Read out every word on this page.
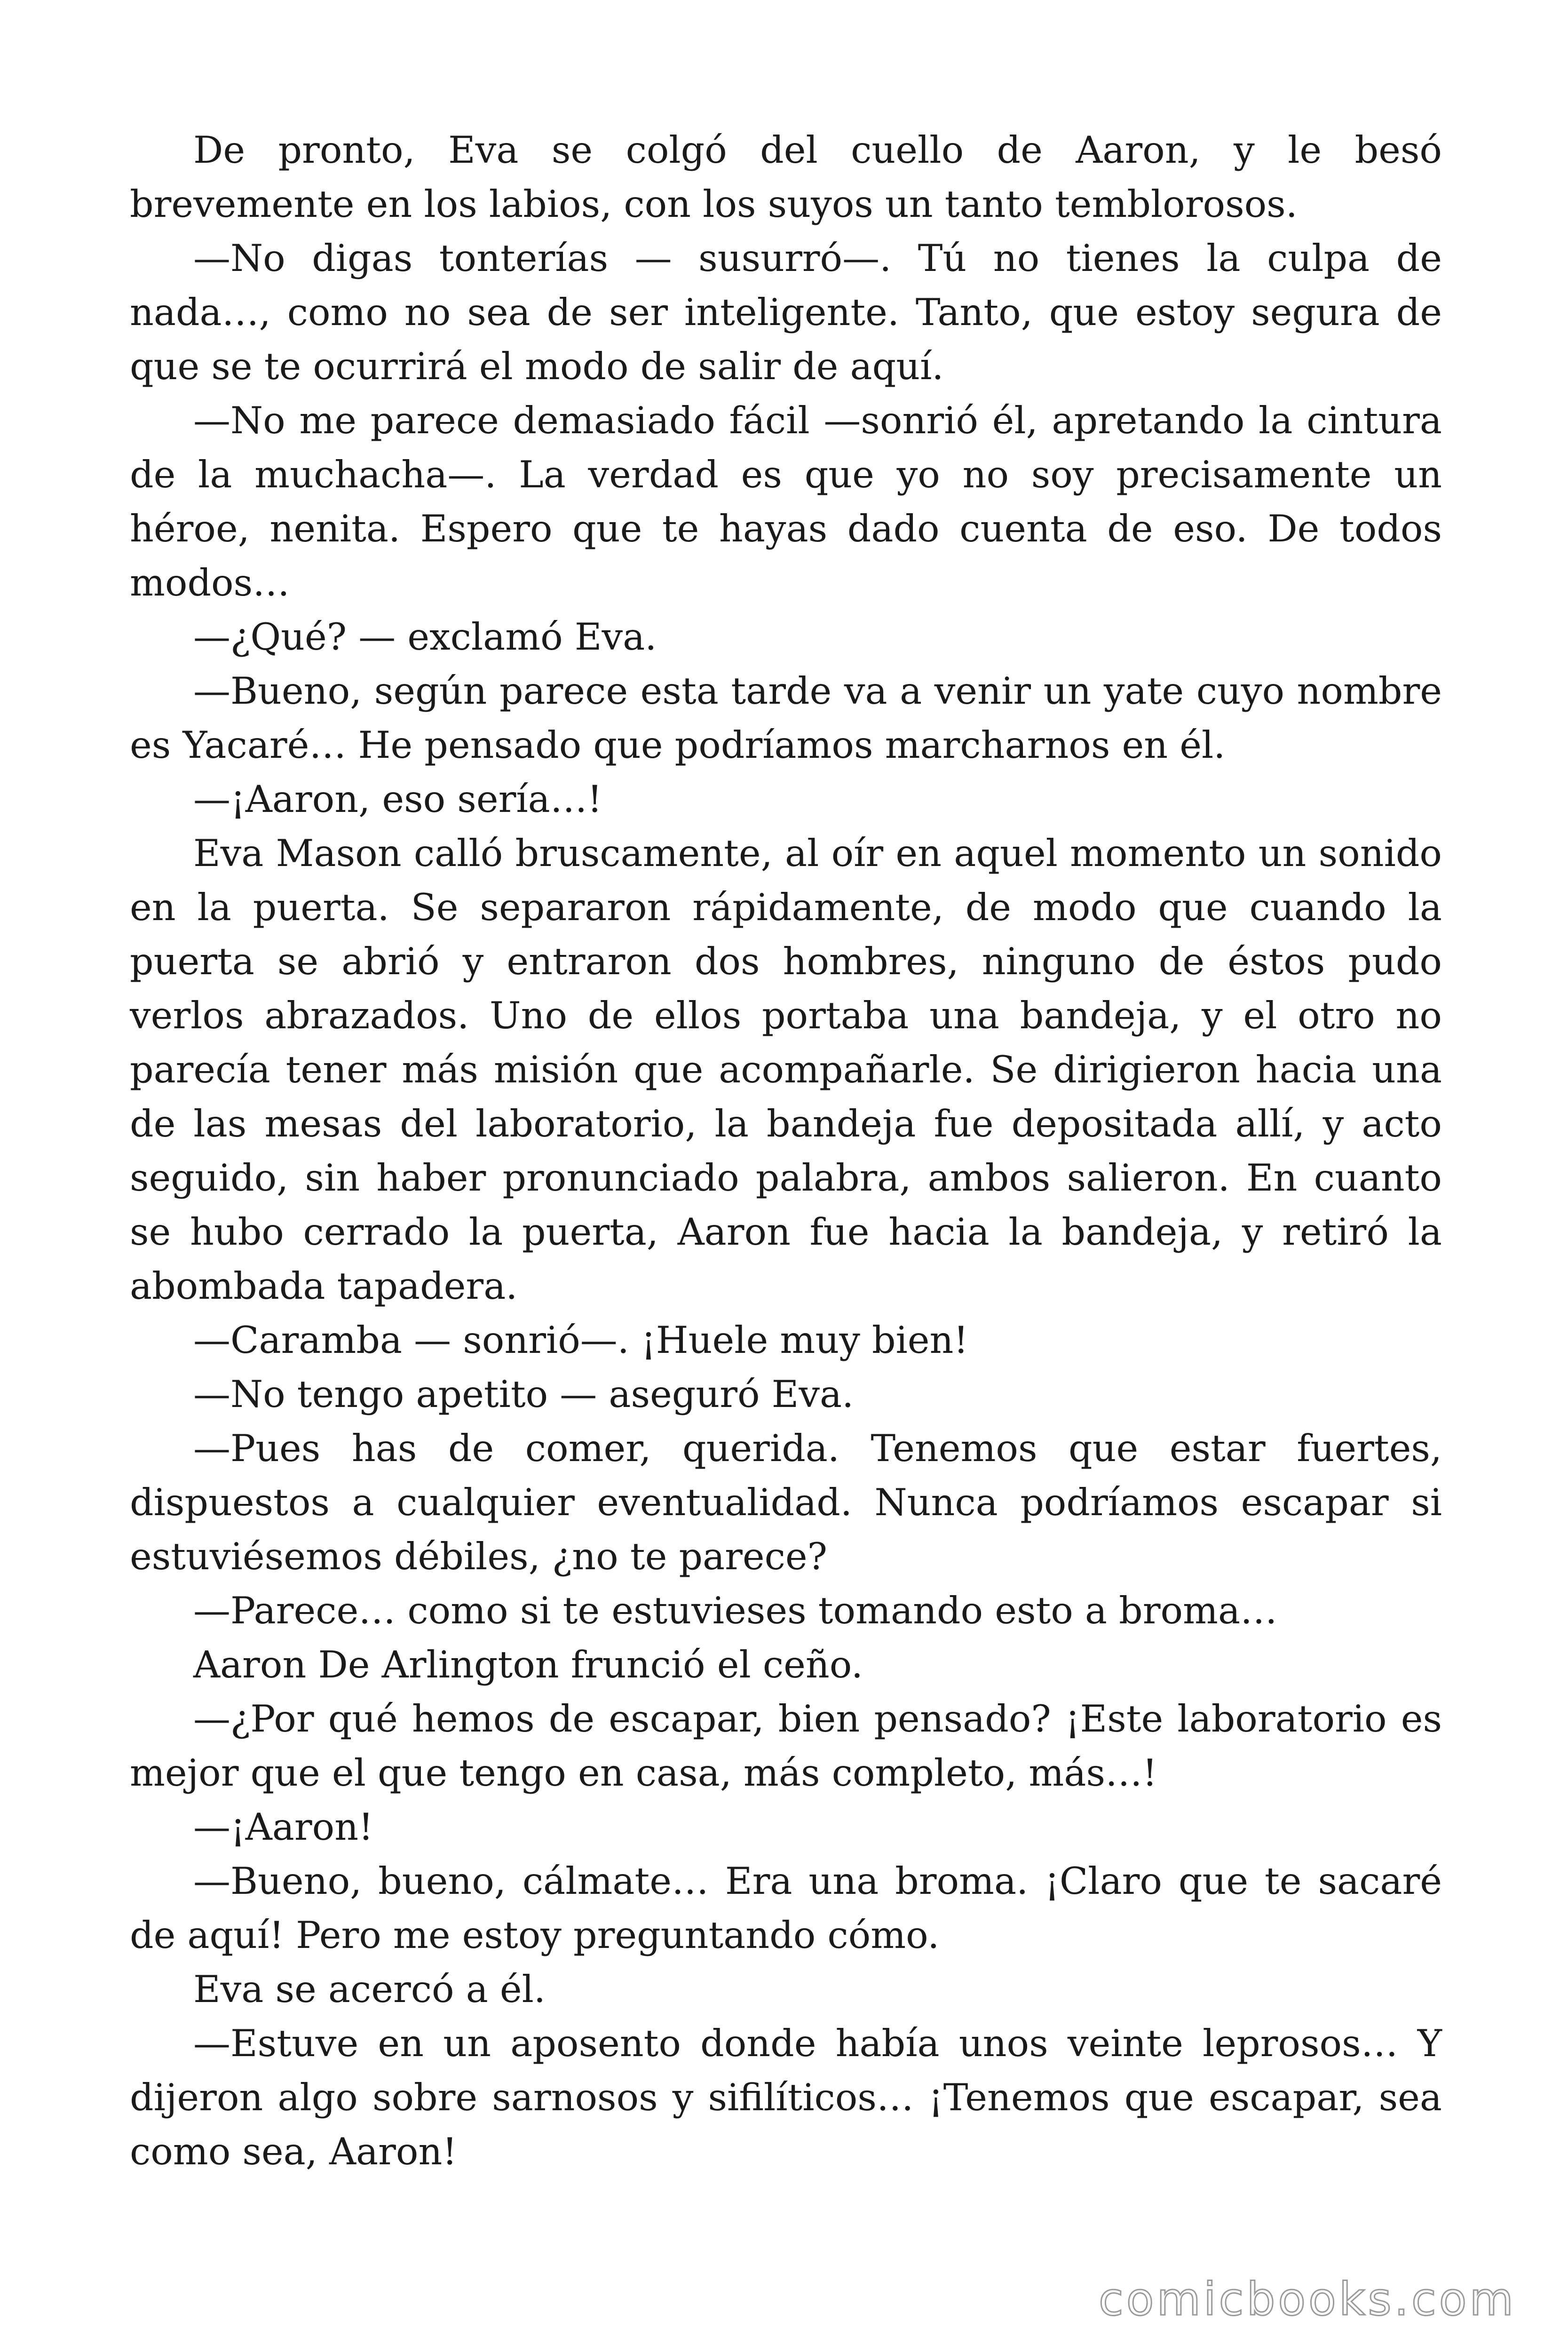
De pronto, Eva se colgó del cuello de Aaron, y le besó brevemente en los labios, con los suyos un tanto temblorosos.

—No digas tonterías — susurró—. Tú no tienes la culpa de nada…, como no sea de ser inteligente. Tanto, que estoy segura de que se te ocurrirá el modo de salir de aquí.

—No me parece demasiado fácil —sonrió él, apretando la cintura de la muchacha—. La verdad es que yo no soy precisamente un héroe, nenita. Espero que te hayas dado cuenta de eso. De todos modos…

—¿Qué? — exclamó Eva.

—Bueno, según parece esta tarde va a venir un yate cuyo nombre es Yacaré… He pensado que podríamos marcharnos en él.

—¡Aaron, eso sería…!

Eva Mason calló bruscamente, al oír en aquel momento un sonido en la puerta. Se separaron rápidamente, de modo que cuando la puerta se abrió y entraron dos hombres, ninguno de éstos pudo verlos abrazados. Uno de ellos portaba una bandeja, y el otro no parecía tener más misión que acompañarle. Se dirigieron hacia una de las mesas del laboratorio, la bandeja fue depositada allí, y acto seguido, sin haber pronunciado palabra, ambos salieron. En cuanto se hubo cerrado la puerta, Aaron fue hacia la bandeja, y retiró la abombada tapadera.

—Caramba — sonrió—. ¡Huele muy bien!

—No tengo apetito — aseguró Eva.

—Pues has de comer, querida. Tenemos que estar fuertes, dispuestos a cualquier eventualidad. Nunca podríamos escapar si estuviésemos débiles, ¿no te parece?

—Parece… como si te estuvieses tomando esto a broma…

Aaron De Arlington frunció el ceño.

—¿Por qué hemos de escapar, bien pensado? ¡Este laboratorio es mejor que el que tengo en casa, más completo, más…!

—¡Aaron!

—Bueno, bueno, cálmate… Era una broma. ¡Claro que te sacaré de aquí! Pero me estoy preguntando cómo.

Eva se acercó a él.

—Estuve en un aposento donde había unos veinte leprosos… Y dijeron algo sobre sarnosos y sifilíticos… ¡Tenemos que escapar, sea como sea, Aaron!

comicbooks.com
